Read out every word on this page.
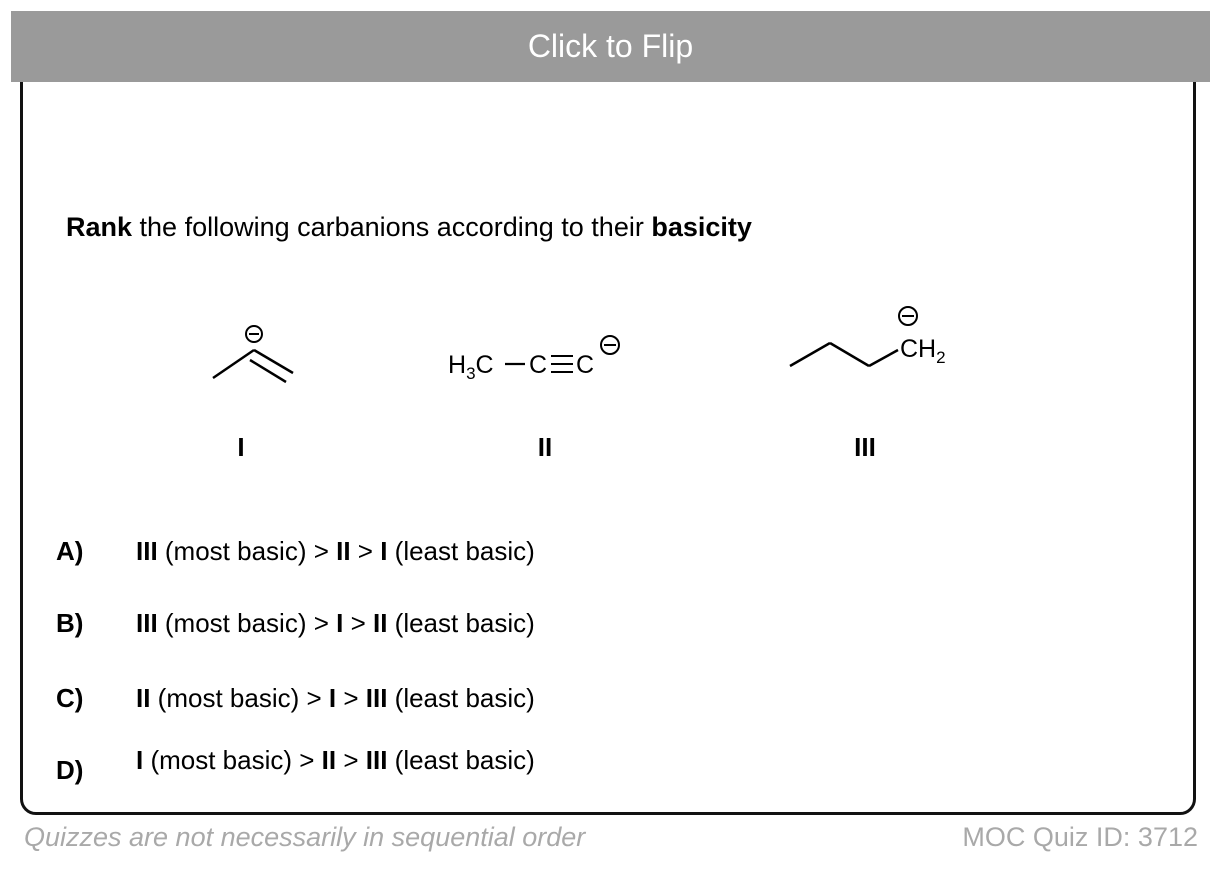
Click to Flip
Rank the following carbanions according to their basicity
$H_3C$ C C
$CH_2$
I	II	III
A)	III (most basic) > II > I (least basic)
B)	III (most basic) > I > II (least basic)
C)	II (most basic) > I > III (least basic)
D)	I (most basic) > II > III (least basic)
Quizzes are not necessarily in sequential order	MOC Quiz ID: 3712
